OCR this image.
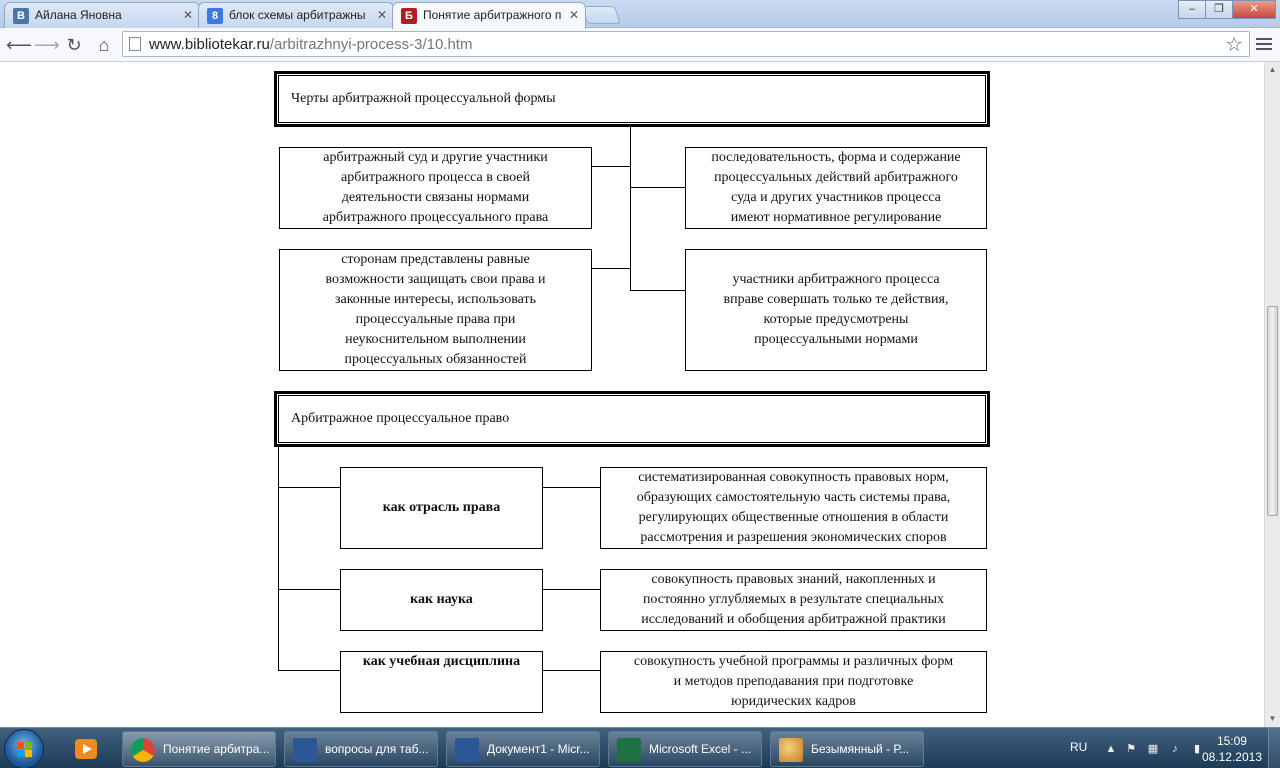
В Айлана Яновна	✕	8 блок схемы арбитражны ✕	Б Понятие арбитражного п ✕	–	❐	✕
⟵ ⟶ ↻ ⌂	www.bibliotekar.ru/arbitrazhnyi-process-3/10.htm	☆
Черты арбитражной процессуальной формы
арбитражный суд и другие участники
арбитражного процесса в своей
деятельности связаны нормами
арбитражного процессуального права
последовательность, форма и содержание
процессуальных действий арбитражного
суда и других участников процесса
имеют нормативное регулирование
сторонам представлены равные
возможности защищать свои права и
законные интересы, использовать
процессуальные права при
неукоснительном выполнении
процессуальных обязанностей
участники арбитражного процесса
вправе совершать только те действия,
которые предусмотрены
процессуальными нормами
Арбитражное процессуальное право
как отрасль права
систематизированная совокупность правовых норм,
образующих самостоятельную часть системы права,
регулирующих общественные отношения в области
рассмотрения и разрешения экономических споров
как наука
совокупность правовых знаний, накопленных и
постоянно углубляемых в результате специальных
исследований и обобщения арбитражной практики
как учебная дисциплина	совокупность учебной программы и различных форм
и методов преподавания при подготовке
юридических кадров
▲
▼
Понятие арбитра...	вопросы для таб...	Документ1 - Micr...	Microsoft Excel - ...	Безымянный - Р...	RU ▲ ⚑ ▦	♪	▮
15:09
08.12.2013
